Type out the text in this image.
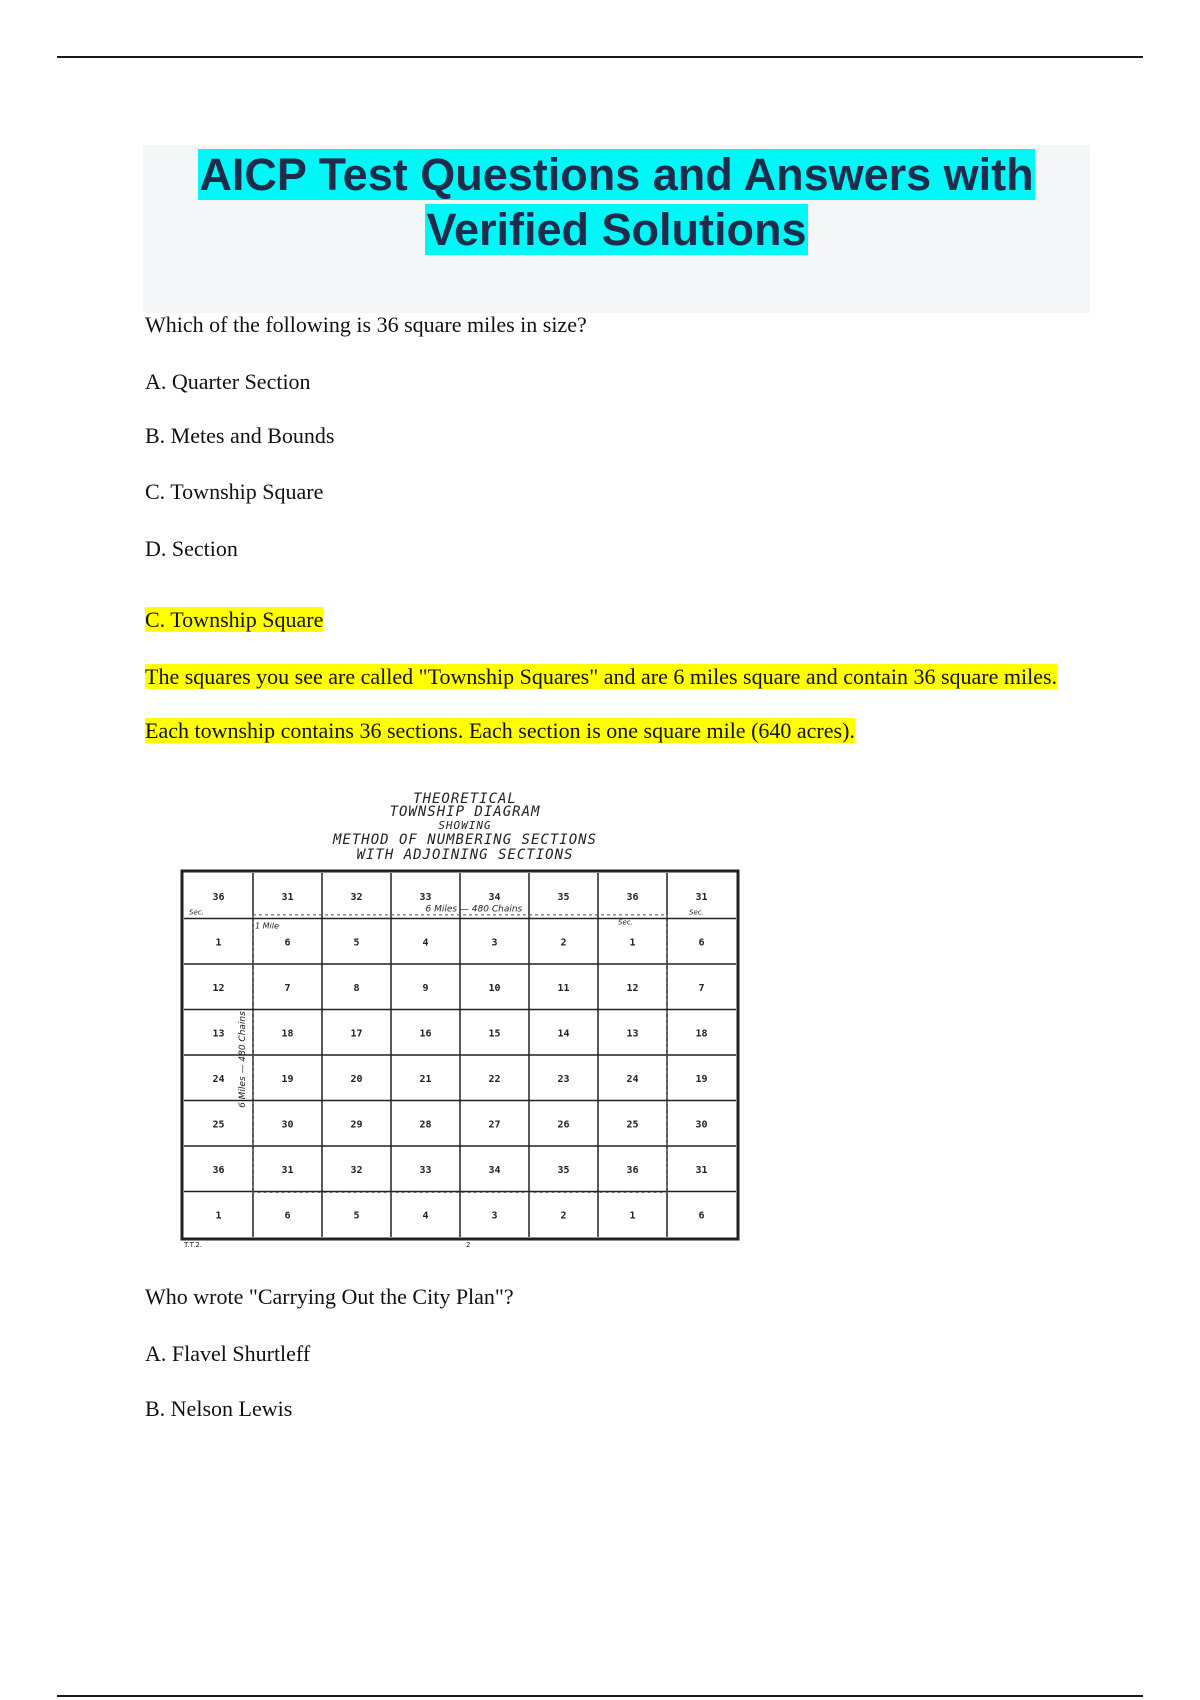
AICP Test Questions and Answers with
Verified Solutions
Which of the following is 36 square miles in size?
A. Quarter Section
B. Metes and Bounds
C. Township Square
D. Section
C. Township Square
The squares you see are called "Township Squares" and are 6 miles square and contain 36 square miles. Each township contains 36 sections. Each section is one square mile (640 acres).
THEORETICAL
TOWNSHIP DIAGRAM
SHOWING
METHOD OF NUMBERING SECTIONS
WITH ADJOINING SECTIONS
36	31	32	33	34	35	36	31
1	6	5	4	3	2	1	6
12	7	8	9	10	11	12	7
13	18	17	16	15	14	13	18
24	19	20	21	22	23	24	19
25	30	29	28	27	26	25	30
36	31	32	33	34	35	36	31
1	6	5	4	3	2	1	6
6 Miles — 480 Chains
1 Mile
Sec.
Sec.
Sec.
6 Miles — 480 Chains
T.T.2.	2
Who wrote "Carrying Out the City Plan"?
A. Flavel Shurtleff
B. Nelson Lewis
